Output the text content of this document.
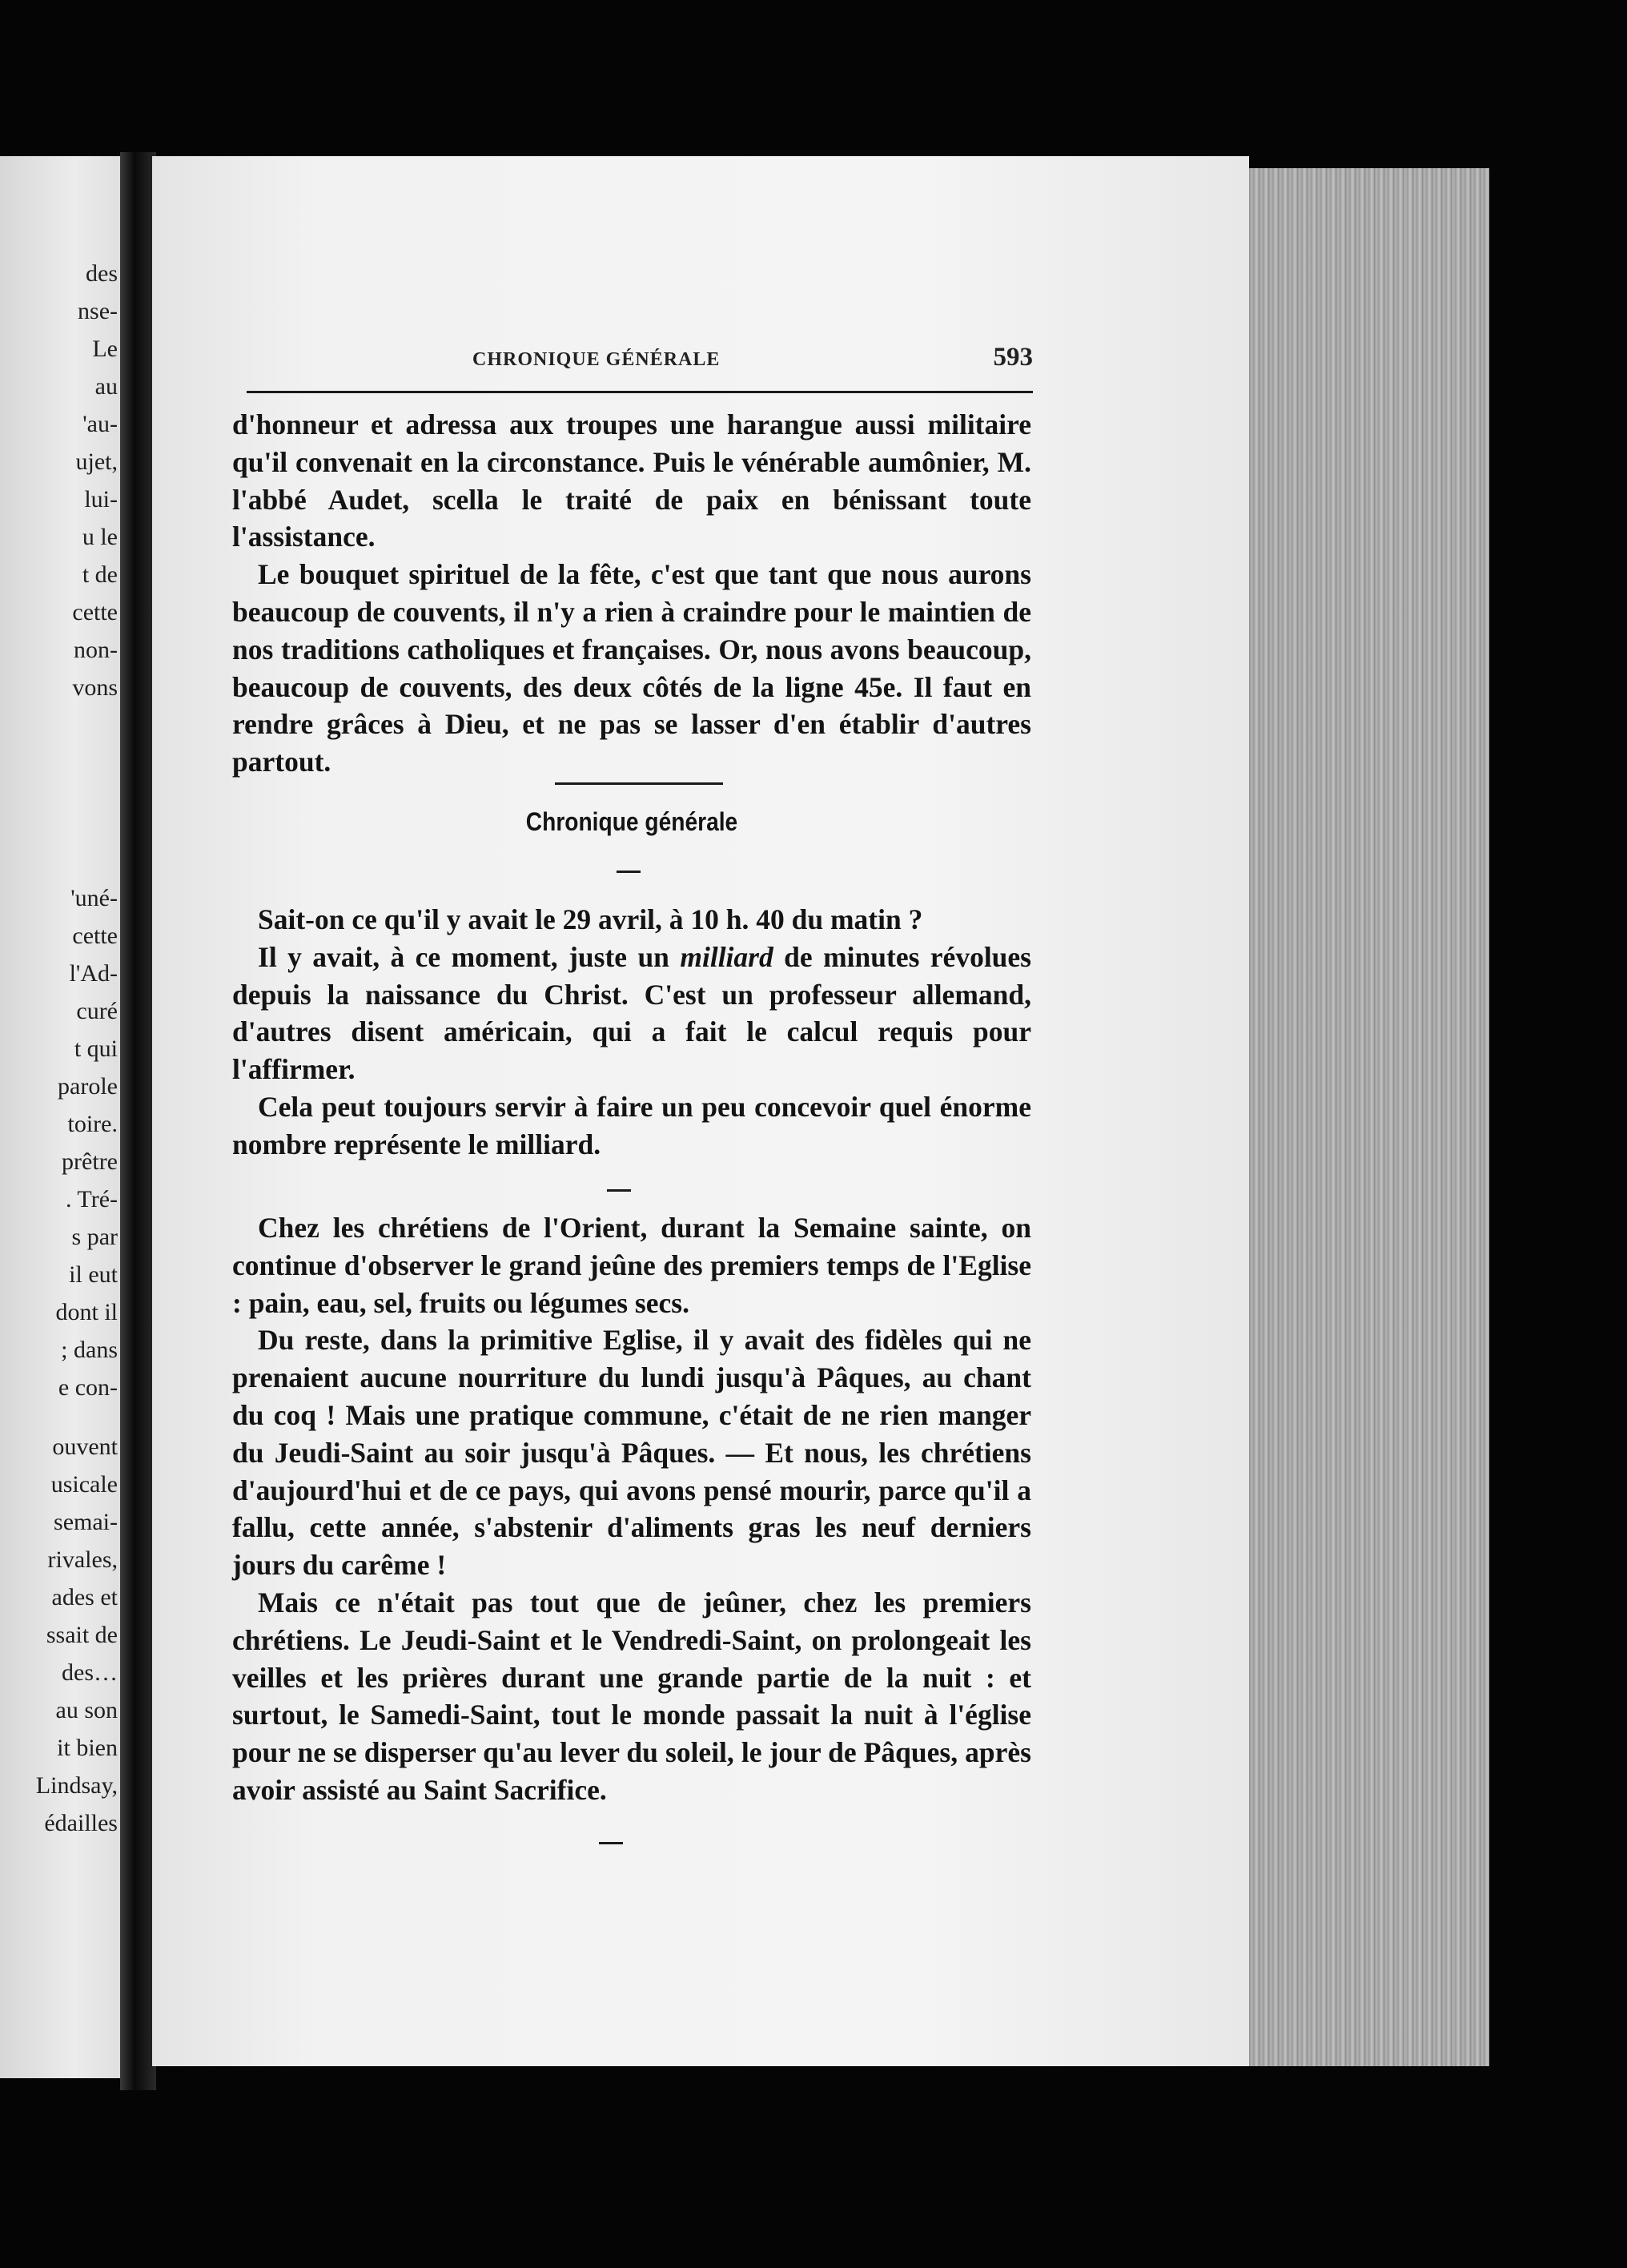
des
nse-
Le
au
'au-
ujet,
lui-
u le
t de
cette
non-
vons
'uné-
cette
l'Ad-
curé
t qui
parole
toire.
prêtre
. Tré-
s par
il eut
dont il
; dans
e con-
ouvent
usicale
semai-
rivales,
ades et
ssait de
des…
au son
it bien
Lindsay,
édailles
CHRONIQUE GÉNÉRALE	593

d'honneur et adressa aux troupes une harangue aussi militaire qu'il convenait en la circonstance. Puis le vénérable aumônier, M. l'abbé Audet, scella le traité de paix en bénissant toute l'assistance.

Le bouquet spirituel de la fête, c'est que tant que nous aurons beaucoup de couvents, il n'y a rien à craindre pour le maintien de nos traditions catholiques et françaises. Or, nous avons beaucoup, beaucoup de couvents, des deux côtés de la ligne 45e. Il faut en rendre grâces à Dieu, et ne pas se lasser d'en établir d'autres partout.

Chronique générale

Sait-on ce qu'il y avait le 29 avril, à 10 h. 40 du matin ?

Il y avait, à ce moment, juste un milliard de minutes révolues depuis la naissance du Christ. C'est un professeur allemand, d'autres disent américain, qui a fait le calcul requis pour l'affirmer.

Cela peut toujours servir à faire un peu concevoir quel énorme nombre représente le milliard.

Chez les chrétiens de l'Orient, durant la Semaine sainte, on continue d'observer le grand jeûne des premiers temps de l'Eglise : pain, eau, sel, fruits ou légumes secs.

Du reste, dans la primitive Eglise, il y avait des fidèles qui ne prenaient aucune nourriture du lundi jusqu'à Pâques, au chant du coq ! Mais une pratique commune, c'était de ne rien manger du Jeudi-Saint au soir jusqu'à Pâques. — Et nous, les chrétiens d'aujourd'hui et de ce pays, qui avons pensé mourir, parce qu'il a fallu, cette année, s'abstenir d'aliments gras les neuf derniers jours du carême !

Mais ce n'était pas tout que de jeûner, chez les premiers chrétiens. Le Jeudi-Saint et le Vendredi-Saint, on prolongeait les veilles et les prières durant une grande partie de la nuit : et surtout, le Samedi-Saint, tout le monde passait la nuit à l'église pour ne se disperser qu'au lever du soleil, le jour de Pâques, après avoir assisté au Saint Sacrifice.
